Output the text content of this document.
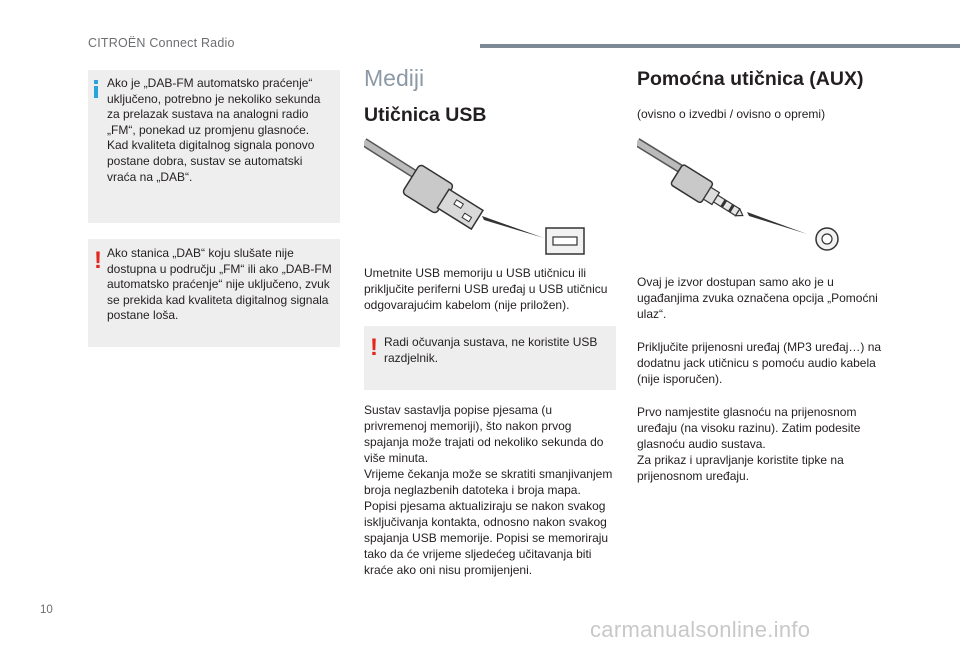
CITROËN Connect Radio
Ako je „DAB-FM automatsko praćenje“
uključeno, potrebno je nekoliko sekunda
za prelazak sustava na analogni radio
„FM“, ponekad uz promjenu glasnoće.
Kad kvaliteta digitalnog signala ponovo
postane dobra, sustav se automatski
vraća na „DAB“.
! Ako stanica „DAB“ koju slušate nije
dostupna u području „FM“ ili ako „DAB-FM
automatsko praćenje“ nije uključeno, zvuk
se prekida kad kvaliteta digitalnog signala
postane loša.
Mediji
Utičnica USB
Umetnite USB memoriju u USB utičnicu ili
priključite periferni USB uređaj u USB utičnicu
odgovarajućim kabelom (nije priložen).
! Radi očuvanja sustava, ne koristite USB
razdjelnik.
Sustav sastavlja popise pjesama (u
privremenoj memoriji), što nakon prvog
spajanja može trajati od nekoliko sekunda do
više minuta.
Vrijeme čekanja može se skratiti smanjivanjem
broja neglazbenih datoteka i broja mapa.
Popisi pjesama aktualiziraju se nakon svakog
isključivanja kontakta, odnosno nakon svakog
spajanja USB memorije. Popisi se memoriraju
tako da će vrijeme sljedećeg učitavanja biti
kraće ako oni nisu promijenjeni.
Pomoćna utičnica (AUX)
(ovisno o izvedbi / ovisno o opremi)
Ovaj je izvor dostupan samo ako je u
ugađanjima zvuka označena opcija „Pomoćni
ulaz“.
Priključite prijenosni uređaj (MP3 uređaj…) na
dodatnu jack utičnicu s pomoću audio kabela
(nije isporučen).
Prvo namjestite glasnoću na prijenosnom
uređaju (na visoku razinu). Zatim podesite
glasnoću audio sustava.
Za prikaz i upravljanje koristite tipke na
prijenosnom uređaju.
10
carmanualsonline.info
